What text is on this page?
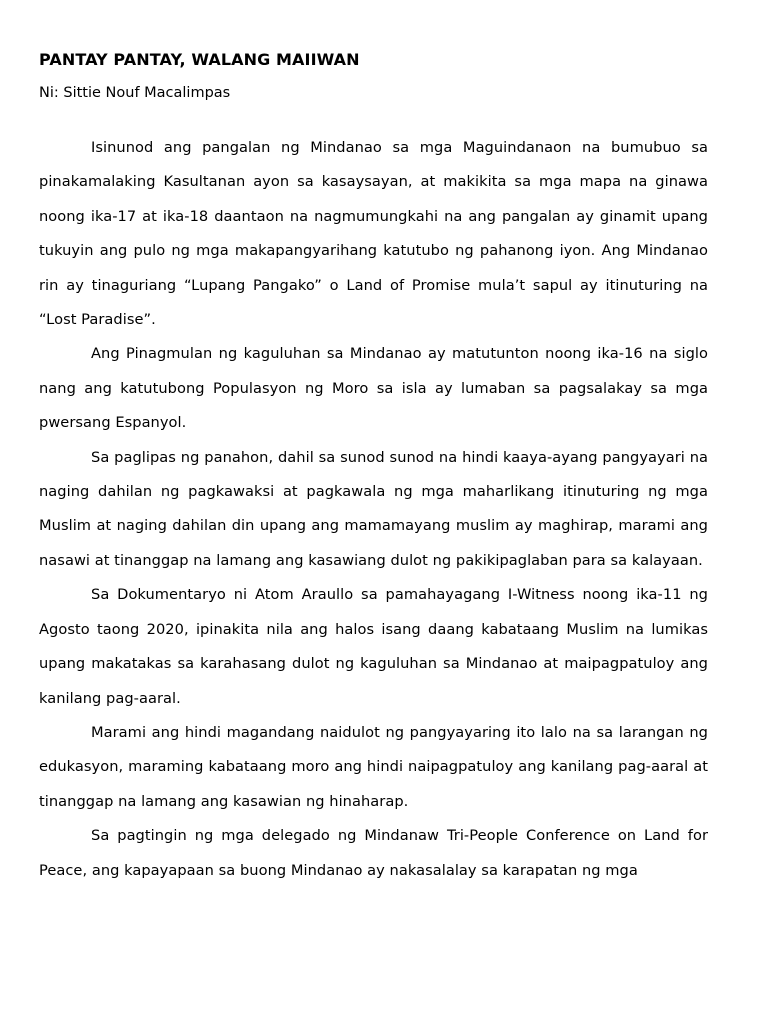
PANTAY PANTAY, WALANG MAIIWAN

Ni: Sittie Nouf Macalimpas

Isinunod ang pangalan ng Mindanao sa mga Maguindanaon na bumubuo sa pinakamalaking Kasultanan ayon sa kasaysayan, at makikita sa mga mapa na ginawa noong ika-17 at ika-18 daantaon na nagmumungkahi na ang pangalan ay ginamit upang tukuyin ang pulo ng mga makapangyarihang katutubo ng pahanong iyon. Ang Mindanao rin ay tinaguriang “Lupang Pangako” o Land of Promise mula’t sapul ay itinuturing na “Lost Paradise”.

Ang Pinagmulan ng kaguluhan sa Mindanao ay matutunton noong ika-16 na siglo nang ang katutubong Populasyon ng Moro sa isla ay lumaban sa pagsalakay sa mga pwersang Espanyol.

Sa paglipas ng panahon, dahil sa sunod sunod na hindi kaaya-ayang pangyayari na naging dahilan ng pagkawaksi at pagkawala ng mga maharlikang itinuturing ng mga Muslim at naging dahilan din upang ang mamamayang muslim ay maghirap, marami ang nasawi at tinanggap na lamang ang kasawiang dulot ng pakikipaglaban para sa kalayaan.

Sa Dokumentaryo ni Atom Araullo sa pamahayagang I-Witness noong ika-11 ng Agosto taong 2020, ipinakita nila ang halos isang daang kabataang Muslim na lumikas upang makatakas sa karahasang dulot ng kaguluhan sa Mindanao at maipagpatuloy ang kanilang pag-aaral.

Marami ang hindi magandang naidulot ng pangyayaring ito lalo na sa larangan ng edukasyon, maraming kabataang moro ang hindi naipagpatuloy ang kanilang pag-aaral at tinanggap na lamang ang kasawian ng hinaharap.

Sa pagtingin ng mga delegado ng Mindanaw Tri-People Conference on Land for Peace, ang kapayapaan sa buong Mindanao ay nakasalalay sa karapatan ng mga
